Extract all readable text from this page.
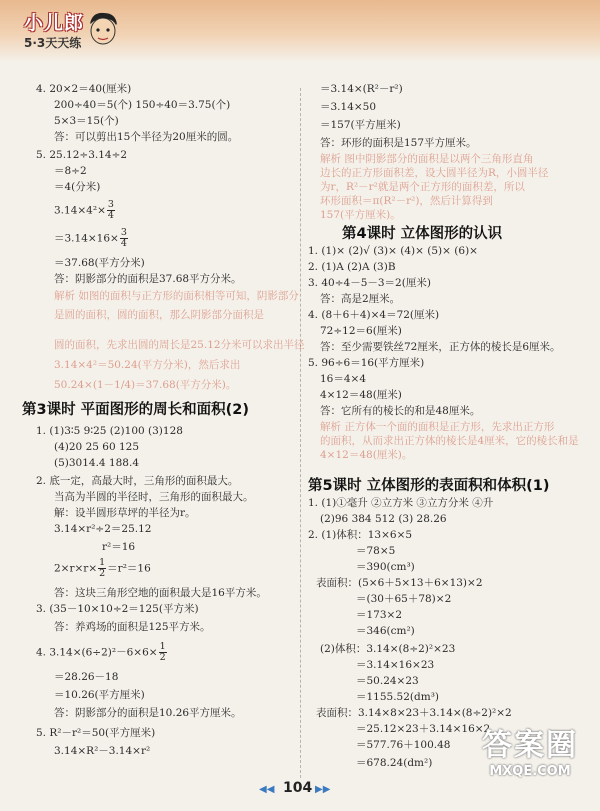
小儿郎
5·3天天练
4. 20×2＝40(厘米)
200÷40＝5(个) 150÷40＝3.75(个)
5×3＝15(个)
答：可以剪出15个半径为20厘米的圆。
5. 25.12÷3.14÷2
＝8÷2
＝4(分米)
$3.14\times 4^2\times \frac{3}{4}$
$=3.14\times 16\times \frac{3}{4}$
＝37.68(平方分米)
答：阴影部分的面积是37.68平方分米。
解析 如图的面积与正方形的面积相等可知，阴影部分
是圆的面积，圆的面积，那么阴影部分面积是
圆的面积，先求出圆的周长是25.12分米可以求出半径
3.14×4²＝50.24(平方分米)，然后求出
50.24×(1－1/4)＝37.68(平方分米)。
第3课时 平面图形的周长和面积(2)
1. (1)3∶5 9∶25 (2)100 (3)128
(4)20 25 60 125
(5)3014.4 188.4
2. 底一定，高最大时，三角形的面积最大。
当高为半圆的半径时，三角形的面积最大。
解：设半圆形草坪的半径为r。
3.14×r²÷2＝25.12
r²＝16
$2\times r\times r\times \frac{1}{2} =r^2=16$
答：这块三角形空地的面积最大是16平方米。
3. (35－10×10÷2＝125(平方米)
答：养鸡场的面积是125平方米。
4. $3.14\times(6\div 2)^2-6\times 6\times \frac{1}{2}$
＝28.26－18
＝10.26(平方厘米)
答：阴影部分的面积是10.26平方厘米。
5. R²－r²＝50(平方厘米)
3.14×R²－3.14×r²
＝3.14×(R²－r²)
＝3.14×50
＝157(平方厘米)
答：环形的面积是157平方厘米。
解析 图中阴影部分的面积是以两个三角形直角
边长的正方形面积差，设大圆半径为R，小圆半径
为r，R²－r²就是两个正方形的面积差，所以
环形面积＝π(R²－r²)，然后计算得到
157(平方厘米)。
第4课时 立体图形的认识
1. (1)× (2)√ (3)× (4)× (5)× (6)×
2. (1)A (2)A (3)B
3. 40÷4－5－3＝2(厘米)
答：高是2厘米。
4. (8＋6＋4)×4＝72(厘米)
72÷12＝6(厘米)
答：至少需要铁丝72厘米，正方体的棱长是6厘米。
5. 96÷6＝16(平方厘米)
16＝4×4
4×12＝48(厘米)
答：它所有的棱长的和是48厘米。
解析 正方体一个面的面积是正方形，先求出正方形
的面积，从而求出正方体的棱长是4厘米，它的棱长和是
4×12＝48(厘米)。
第5课时 立体图形的表面积和体积(1)
1. (1)①毫升 ②立方米 ③立方分米 ④升
(2)96 384 512 (3) 28.26
2. (1)体积：13×6×5
＝78×5
＝390(cm³)
表面积：(5×6＋5×13＋6×13)×2
＝(30＋65＋78)×2
＝173×2
＝346(cm²)
(2)体积：3.14×(8÷2)²×23
＝3.14×16×23
＝50.24×23
＝1155.52(dm³)
表面积：3.14×8×23＋3.14×(8÷2)²×2
＝25.12×23＋3.14×16×2
＝577.76＋100.48
＝678.24(dm²)
◀◀ 104 ▶▶
答案圈
MXQE.COM
